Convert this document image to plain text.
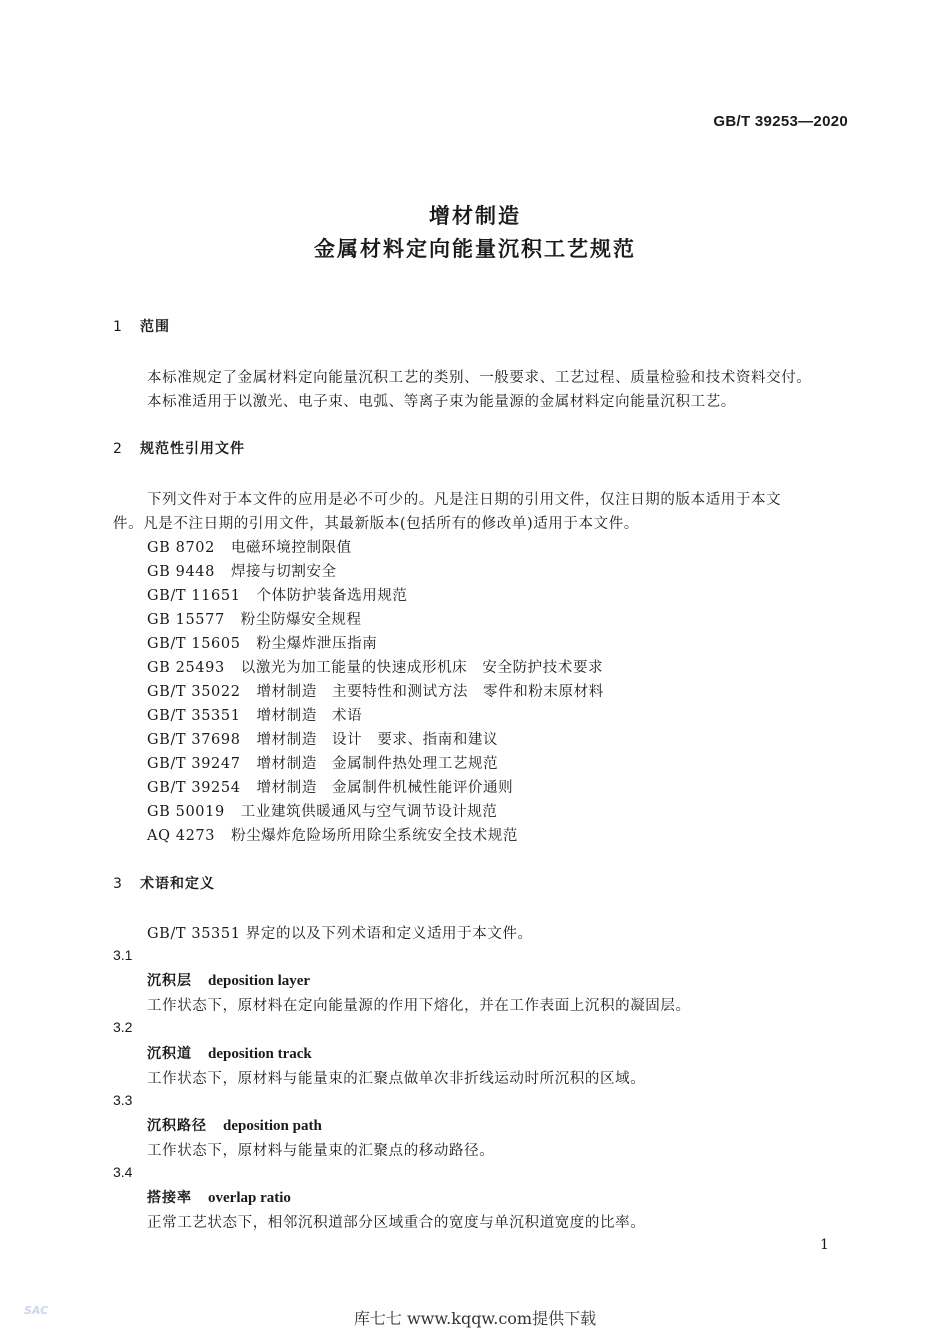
GB/T 39253—2020
增材制造
金属材料定向能量沉积工艺规范
1 范围
本标准规定了金属材料定向能量沉积工艺的类别、一般要求、工艺过程、质量检验和技术资料交付。
本标准适用于以激光、电子束、电弧、等离子束为能量源的金属材料定向能量沉积工艺。
2 规范性引用文件
下列文件对于本文件的应用是必不可少的。凡是注日期的引用文件，仅注日期的版本适用于本文
件。凡是不注日期的引用文件，其最新版本(包括所有的修改单)适用于本文件。
GB 8702 电磁环境控制限值
GB 9448 焊接与切割安全
GB/T 11651 个体防护装备选用规范
GB 15577 粉尘防爆安全规程
GB/T 15605 粉尘爆炸泄压指南
GB 25493 以激光为加工能量的快速成形机床　安全防护技术要求
GB/T 35022 增材制造　主要特性和测试方法　零件和粉末原材料
GB/T 35351 增材制造　术语
GB/T 37698 增材制造　设计　要求、指南和建议
GB/T 39247 增材制造　金属制件热处理工艺规范
GB/T 39254 增材制造　金属制件机械性能评价通则
GB 50019 工业建筑供暖通风与空气调节设计规范
AQ 4273 粉尘爆炸危险场所用除尘系统安全技术规范
3 术语和定义
GB/T 35351 界定的以及下列术语和定义适用于本文件。
3.1
沉积层 deposition layer
工作状态下，原材料在定向能量源的作用下熔化，并在工作表面上沉积的凝固层。
3.2
沉积道 deposition track
工作状态下，原材料与能量束的汇聚点做单次非折线运动时所沉积的区域。
3.3
沉积路径 deposition path
工作状态下，原材料与能量束的汇聚点的移动路径。
3.4
搭接率 overlap ratio
正常工艺状态下，相邻沉积道部分区域重合的宽度与单沉积道宽度的比率。
1
SAC	库七七 www.kqqw.com提供下载
